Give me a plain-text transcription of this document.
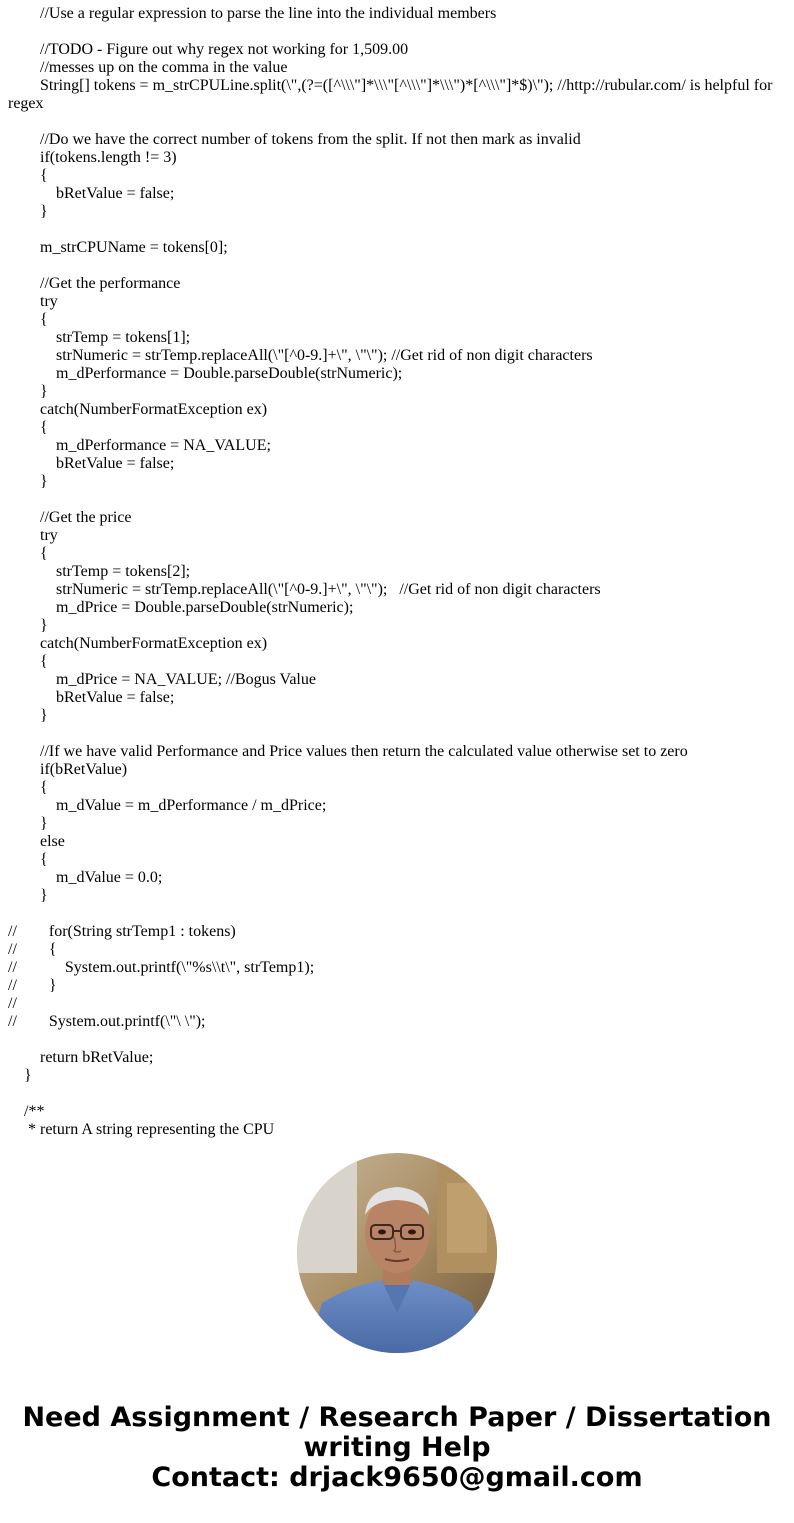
//Use a regular expression to parse the line into the individual members
//TODO - Figure out why regex not working for 1,509.00
//messes up on the comma in the value
String[] tokens = m_strCPULine.split(\",(?=([^\\\"]*\\\"[^\\\"]*\\\")*[^\\\"]*$)\"); //http://rubular.com/ is helpful for regex
//Do we have the correct number of tokens from the split. If not then mark as invalid
if(tokens.length != 3)
{
bRetValue = false;
}
m_strCPUName = tokens[0];
//Get the performance
try
{
strTemp = tokens[1];
strNumeric = strTemp.replaceAll(\"[^0-9.]+\", \"\"); //Get rid of non digit characters
m_dPerformance = Double.parseDouble(strNumeric);
}
catch(NumberFormatException ex)
{
m_dPerformance = NA_VALUE;
bRetValue = false;
}
//Get the price
try
{
strTemp = tokens[2];
strNumeric = strTemp.replaceAll(\"[^0-9.]+\", \"\");   //Get rid of non digit characters
m_dPrice = Double.parseDouble(strNumeric);
}
catch(NumberFormatException ex)
{
m_dPrice = NA_VALUE; //Bogus Value
bRetValue = false;
}
//If we have valid Performance and Price values then return the calculated value otherwise set to zero
if(bRetValue)
{
m_dValue = m_dPerformance / m_dPrice;
}
else
{
m_dValue = 0.0;
}
//        for(String strTemp1 : tokens)
//        {
//            System.out.printf(\"%s\\t\", strTemp1);
//        }
//
//        System.out.printf(\"\ \");
return bRetValue;
}
/**
* return A string representing the CPU
Need Assignment / Research Paper / Dissertation
writing Help
Contact: drjack9650@gmail.com
